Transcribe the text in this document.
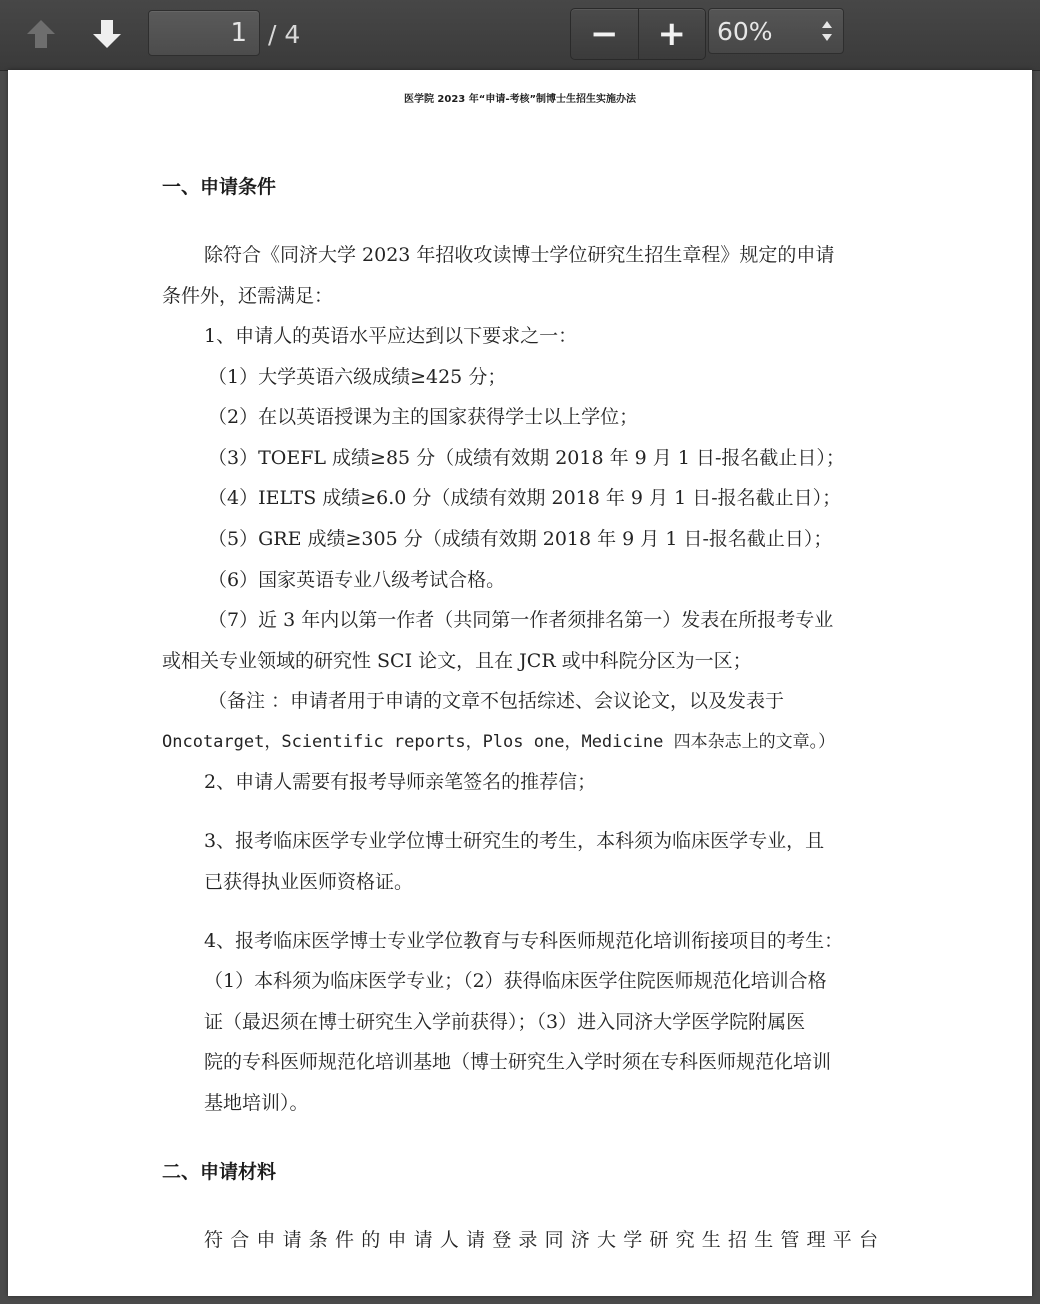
1 / 4	−	+	60%
医学院 2023 年“申请-考核”制博士生招生实施办法
一、申请条件
除符合《同济大学 2023 年招收攻读博士学位研究生招生章程》规定的申请
条件外，还需满足：
1、申请人的英语水平应达到以下要求之一：
（1）大学英语六级成绩≥425 分；
（2）在以英语授课为主的国家获得学士以上学位；
（3）TOEFL 成绩≥85 分（成绩有效期 2018 年 9 月 1 日-报名截止日）；
（4）IELTS 成绩≥6.0 分（成绩有效期 2018 年 9 月 1 日-报名截止日）；
（5）GRE 成绩≥305 分（成绩有效期 2018 年 9 月 1 日-报名截止日）；
（6）国家英语专业八级考试合格。
（7）近 3 年内以第一作者（共同第一作者须排名第一）发表在所报考专业
或相关专业领域的研究性 SCI 论文，且在 JCR 或中科院分区为一区；
（备注 ：申请者用于申请的文章不包括综述、会议论文，以及发表于
Oncotarget，Scientific reports，Plos one，Medicine 四本杂志上的文章。）
2、申请人需要有报考导师亲笔签名的推荐信；
3、报考临床医学专业学位博士研究生的考生，本科须为临床医学专业，且
已获得执业医师资格证。
4、报考临床医学博士专业学位教育与专科医师规范化培训衔接项目的考生：
（1）本科须为临床医学专业；（2）获得临床医学住院医师规范化培训合格
证（最迟须在博士研究生入学前获得）；（3）进入同济大学医学院附属医
院的专科医师规范化培训基地（博士研究生入学时须在专科医师规范化培训
基地培训）。
二、申请材料
符合申请条件的申请人请登录同济大学研究生招生管理平台
